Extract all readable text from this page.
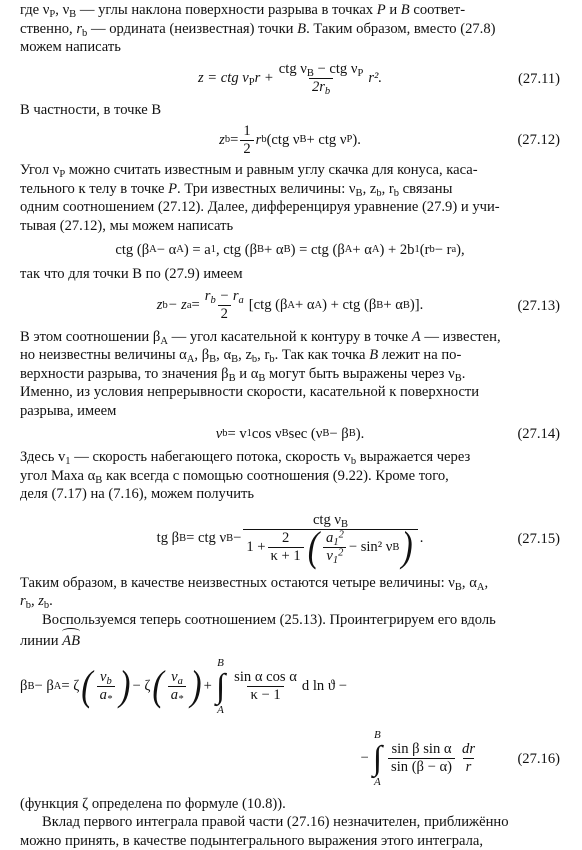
где $\nu_P$, $\nu_B$ — углы наклона поверхности разрыва в точках P и B соответ-
ственно, $r_b$ — ордината (неизвестная) точки B. Таким образом, вместо (27.8)
можем написать

z = ctg $\nu_Pr$ +
ctg $\nu_B$ − ctg $\nu_P$
$2r_b$
r².	(27.11)

В частности, в точке B

z $b = \frac{1}{2}$ r b (ctg ν B + ctg ν P ).	(27.12)

Угол $\nu_P$ можно считать известным и равным углу скачка для конуса, каса-
тельного к телу в точке P. Три известных величины: $\nu_B$, $z_b$, $r_b$ связаны
одним соотношением (27.12). Далее, дифференцируя уравнение (27.9) и учи-
тывая (27.12), мы можем написать

ctg (β A − α A ) = a 1 , ctg (β B + α B ) = ctg (β A + α A ) + 2b 1 (r b − r a ),

так что для точки B по (27.9) имеем

z b − z $a = \frac{r_b - r_a}{2} [ctg$ (β A + α A ) + ctg (β B + α B )].	(27.13)

В этом соотношении $\beta_A$ — угол касательной к контуру в точке A — известен,
но неизвестны величины $\alpha_A$, $\beta_B$, $\alpha_B$, $z_b$, $r_b$. Так как точка B лежит на по-
верхности разрыва, то значения $\beta_B$ и $\alpha_B$ могут быть выражены через $\nu_B$.
Именно, из условия непрерывности скорости, касательной к поверхности
разрыва, имеем

v b = v 1 cos ν B sec (ν B − β B ).	(27.14)

Здесь $v_1$ — скорость набегающего потока, скорость $v_b$ выражается через
угол Маха $\alpha_B$ как всегда с помощью соотношения (9.22). Кроме того,
деля (7.17) на (7.16), можем получить

tg β B = ctg ν B −
ctg $\nu_B$
$1 + \frac{2}{\kappa + 1}$ ( $a_1^2$
$v_1^2 - \sin^2$ ν B ) .	(27.15)

Таким образом, в качестве неизвестных остаются четыре величины: $\nu_B$, $\alpha_A$,
$r_b$, $z_b$.

Воспользуемся теперь соотношением (25.13). Проинтегрируем его вдоль

линии AB

β B − β A = ζ ( $v_b$
$a_*$ ) − ζ ( $v_a$
$a_*$ ) +
B
∫
A
sin α cos α
κ − 1
d ln ϑ −
−
B
∫
A
sin β sin α
sin (β − α)
dr
r
(27.16)

(функция ζ определена по формуле (10.8)).

Вклад первого интеграла правой части (27.16) незначителен, приближённо
можно принять, в качестве подынтегрального выражения этого интеграла,
